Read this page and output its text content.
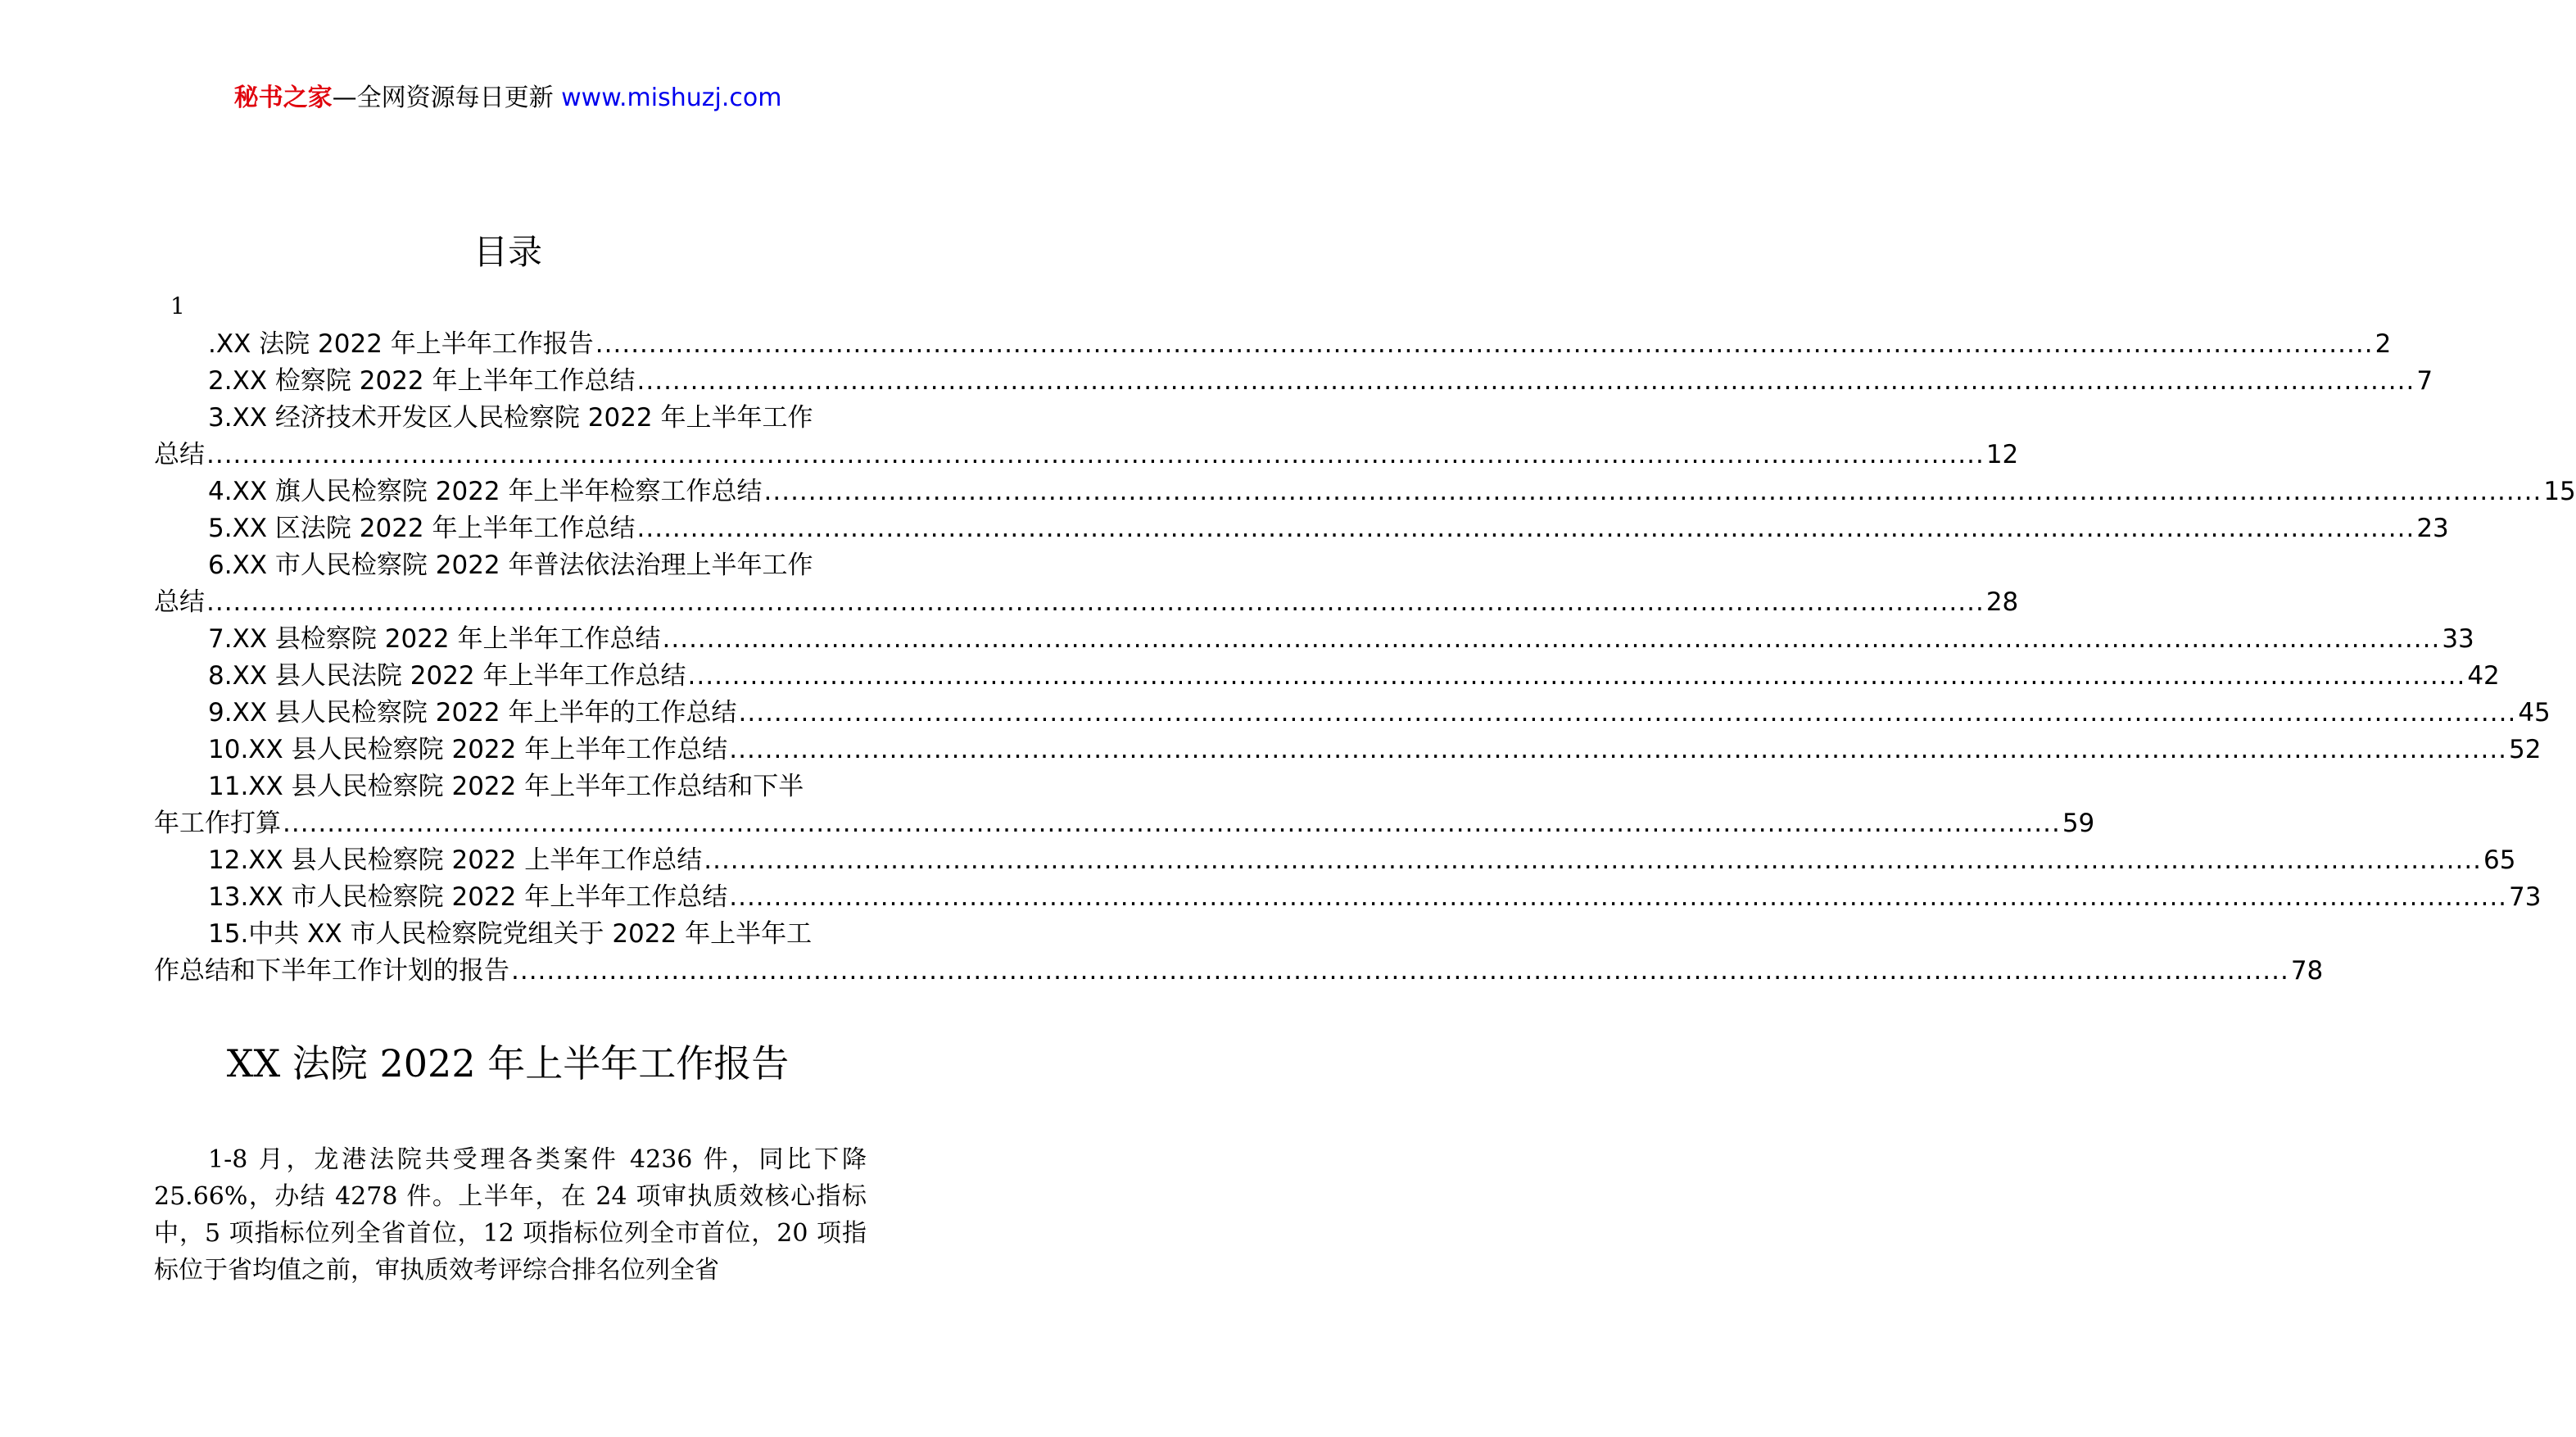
秘书之家—全网资源每日更新 www.mishuzj.com
目录
1
.XX 法院 2022 年上半年工作报告 ........................................................................................................................................................................................................ 2
2.XX 检察院 2022 年上半年工作总结 ........................................................................................................................................................................................................ 7
3.XX 经济技术开发区人民检察院 2022 年上半年工作
总结 ........................................................................................................................................................................................................ 12
4.XX 旗人民检察院 2022 年上半年检察工作总结 ........................................................................................................................................................................................................ 15
5.XX 区法院 2022 年上半年工作总结 ........................................................................................................................................................................................................ 23
6.XX 市人民检察院 2022 年普法依法治理上半年工作
总结 ........................................................................................................................................................................................................ 28
7.XX 县检察院 2022 年上半年工作总结 ........................................................................................................................................................................................................ 33
8.XX 县人民法院 2022 年上半年工作总结 ........................................................................................................................................................................................................ 42
9.XX 县人民检察院 2022 年上半年的工作总结 ........................................................................................................................................................................................................ 45
10.XX 县人民检察院 2022 年上半年工作总结 ........................................................................................................................................................................................................ 52
11.XX 县人民检察院 2022 年上半年工作总结和下半
年工作打算 ........................................................................................................................................................................................................ 59
12.XX 县人民检察院 2022 上半年工作总结 ........................................................................................................................................................................................................ 65
13.XX 市人民检察院 2022 年上半年工作总结 ........................................................................................................................................................................................................ 73
15.中共 XX 市人民检察院党组关于 2022 年上半年工
作总结和下半年工作计划的报告 ........................................................................................................................................................................................................ 78
XX 法院 2022 年上半年工作报告
1-8 月，龙港法院共受理各类案件 4236 件，同比下降 25.66%，办结 4278 件。上半年，在 24 项审执质效核心指标中，5 项指标位列全省首位，12 项指标位列全市首位，20 项指标位于省均值之前，审执质效考评综合排名位列全省
